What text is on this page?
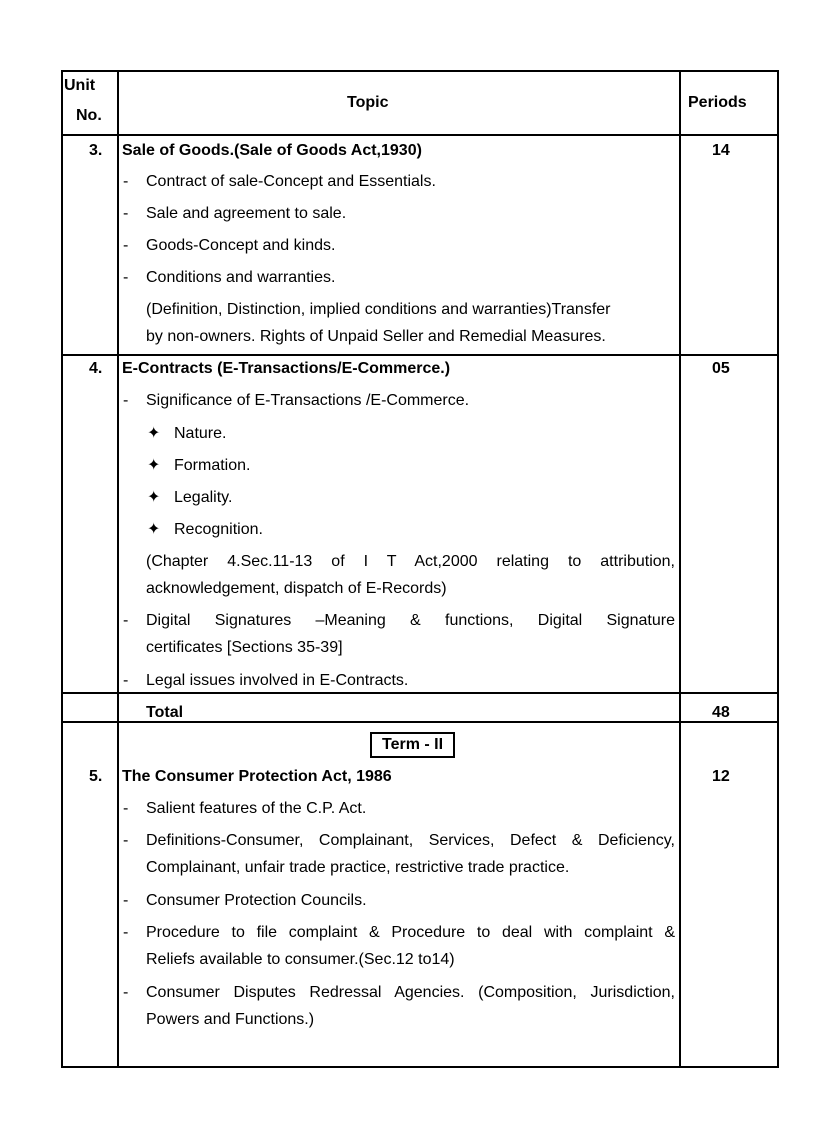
Unit
No.
Topic	Periods
3. Sale of Goods.(Sale of Goods Act,1930)	14
- Contract of sale-Concept and Essentials.
- Sale and agreement to sale.
- Goods-Concept and kinds.
- Conditions and warranties.
(Definition, Distinction, implied conditions and warranties)Transfer
by non-owners. Rights of Unpaid Seller and Remedial Measures.
4. E-Contracts (E-Transactions/E-Commerce.)	05
- Significance of E-Transactions /E-Commerce.
✦ Nature.
✦ Formation.
✦ Legality.
✦ Recognition.
(Chapter 4.Sec.11-13 of I T Act,2000 relating to attribution,
acknowledgement, dispatch of E-Records)
- Digital Signatures –Meaning & functions, Digital Signature
certificates [Sections 35-39]
- Legal issues involved in E-Contracts.
Total	48
Term - II
5. The Consumer Protection Act, 1986	12
- Salient features of the C.P. Act.
- Definitions-Consumer, Complainant, Services, Defect & Deficiency,
Complainant, unfair trade practice, restrictive trade practice.
- Consumer Protection Councils.
- Procedure to file complaint & Procedure to deal with complaint &
Reliefs available to consumer.(Sec.12 to14)
- Consumer Disputes Redressal Agencies. (Composition, Jurisdiction,
Powers and Functions.)
